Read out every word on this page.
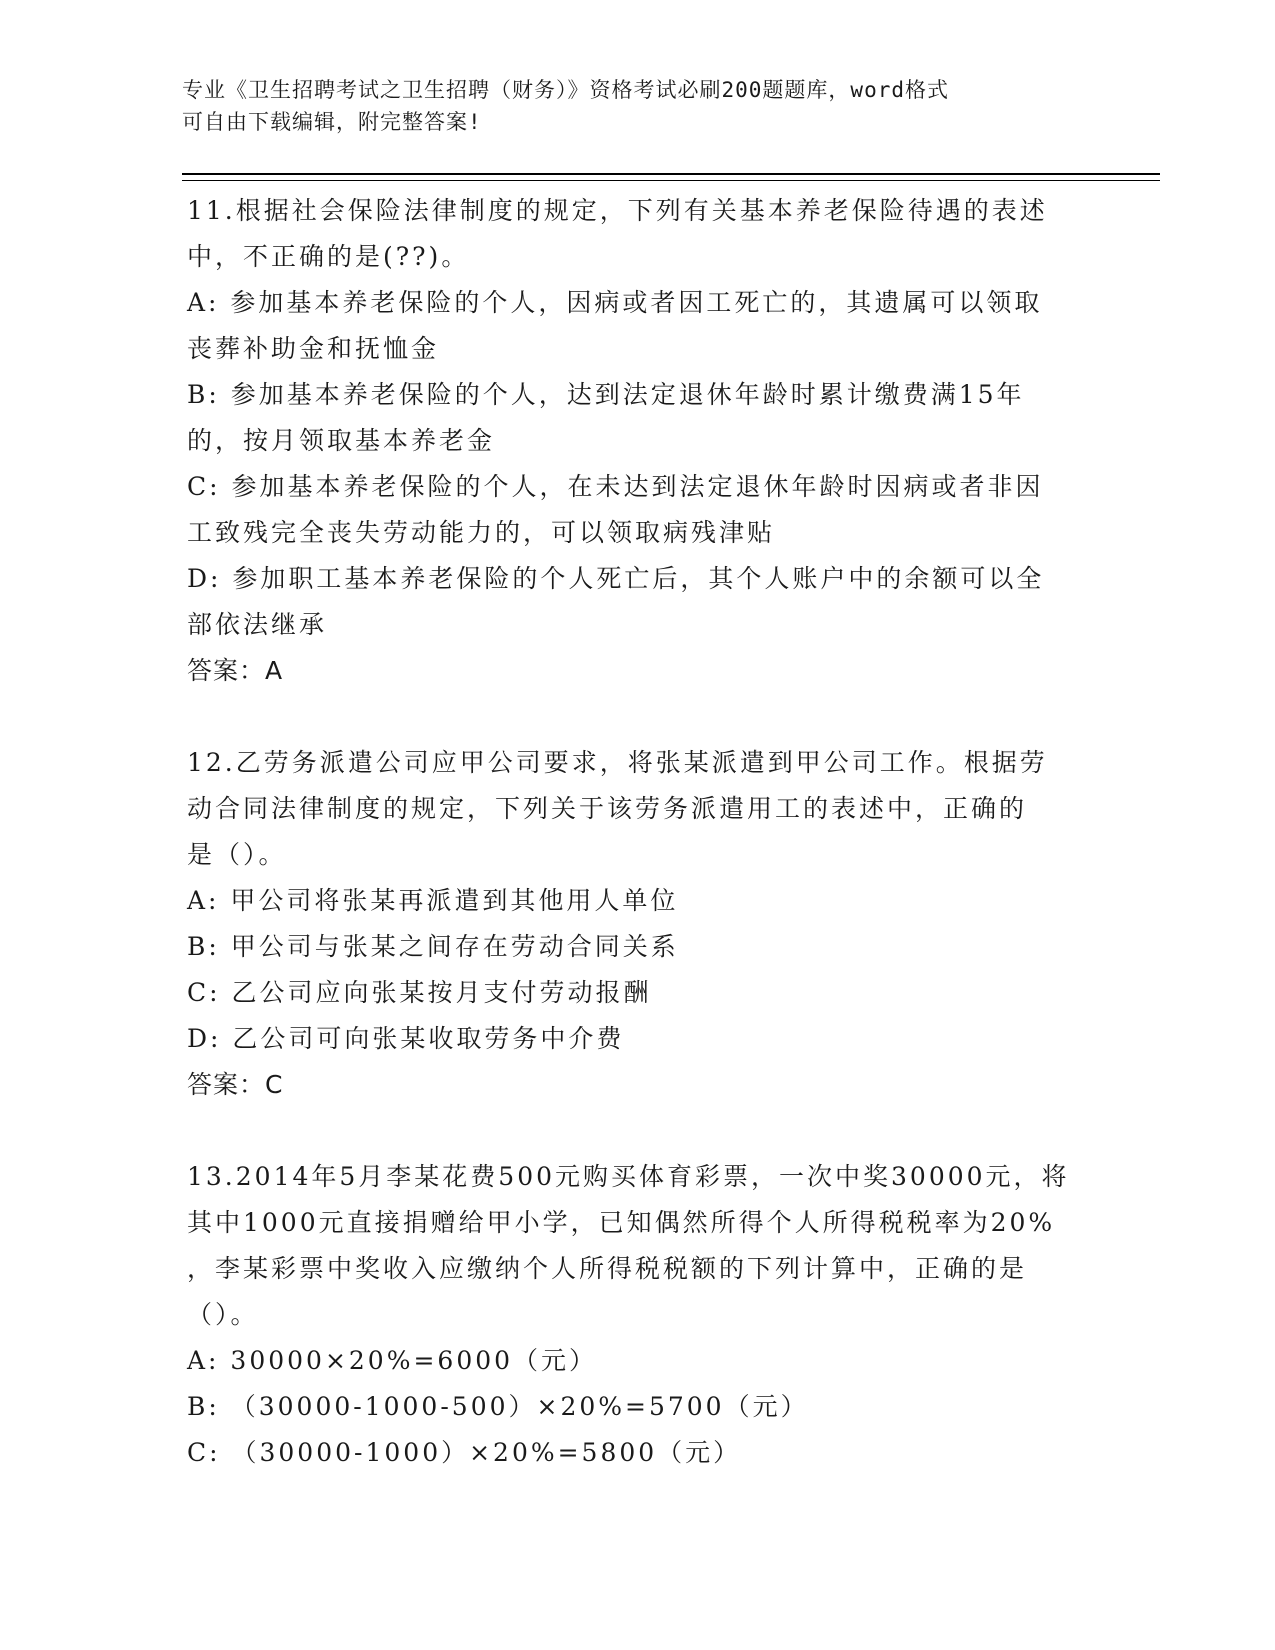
专业《卫生招聘考试之卫生招聘（财务）》资格考试必刷200题题库，word格式
可自由下载编辑，附完整答案!
11.根据社会保险法律制度的规定，下列有关基本养老保险待遇的表述
中，不正确的是(??)。
A: 参加基本养老保险的个人，因病或者因工死亡的，其遗属可以领取
丧葬补助金和抚恤金
B: 参加基本养老保险的个人，达到法定退休年龄时累计缴费满15年
的，按月领取基本养老金
C: 参加基本养老保险的个人，在未达到法定退休年龄时因病或者非因
工致残完全丧失劳动能力的，可以领取病残津贴
D: 参加职工基本养老保险的个人死亡后，其个人账户中的余额可以全
部依法继承
答案：A
12.乙劳务派遣公司应甲公司要求，将张某派遣到甲公司工作。根据劳
动合同法律制度的规定，下列关于该劳务派遣用工的表述中，正确的
是（）。
A: 甲公司将张某再派遣到其他用人单位
B: 甲公司与张某之间存在劳动合同关系
C: 乙公司应向张某按月支付劳动报酬
D: 乙公司可向张某收取劳务中介费
答案：C
13.2014年5月李某花费500元购买体育彩票，一次中奖30000元，将
其中1000元直接捐赠给甲小学，已知偶然所得个人所得税税率为20%
，李某彩票中奖收入应缴纳个人所得税税额的下列计算中，正确的是
（）。
A: 30000×20%=6000（元）
B: （30000-1000-500）×20%=5700（元）
C: （30000-1000）×20%=5800（元）
